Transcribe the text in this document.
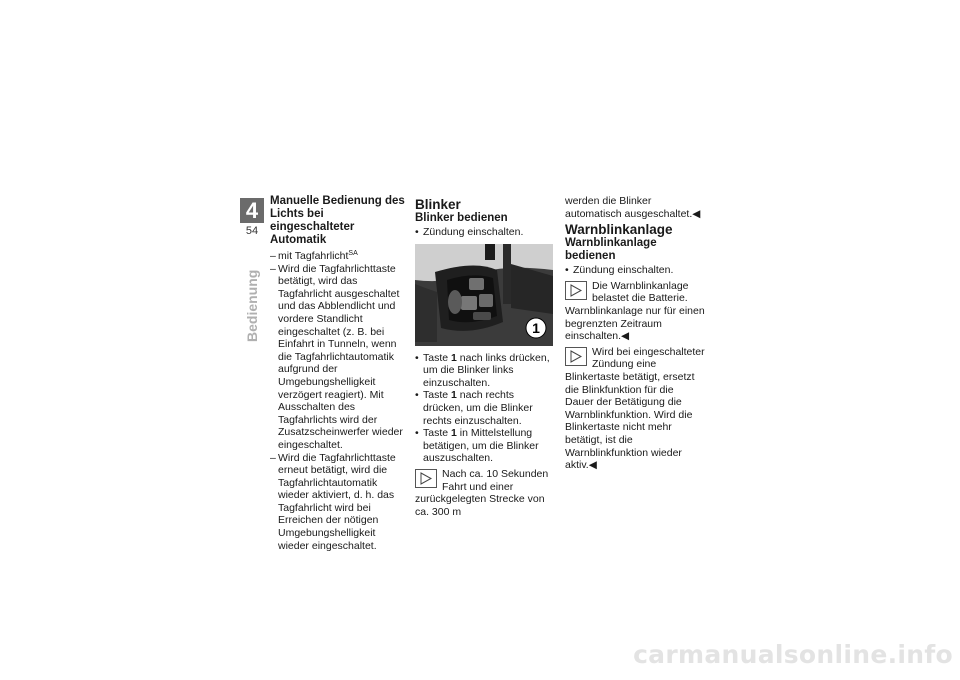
4
54
Bedienung
Manuelle Bedienung des Lichts bei eingeschalteter Automatik
– mit Tagfahrlicht$^{SA}$
– Wird die Tagfahrlichttaste betätigt, wird das Tagfahrlicht ausgeschaltet und das Abblendlicht und vordere Standlicht eingeschaltet (z. B. bei Einfahrt in Tunneln, wenn die Tagfahrlichtautomatik aufgrund der Umgebungshelligkeit verzögert reagiert). Mit Ausschalten des Tagfahrlichts wird der Zusatzscheinwerfer wieder eingeschaltet.
– Wird die Tagfahrlichttaste erneut betätigt, wird die Tagfahrlichtautomatik wieder aktiviert, d. h. das Tagfahrlicht wird bei Erreichen der nötigen Umgebungshelligkeit wieder eingeschaltet.
Blinker
Blinker bedienen
• Zündung einschalten.
1
• Taste 1 nach links drücken, um die Blinker links einzuschalten.
• Taste 1 nach rechts drücken, um die Blinker rechts einzuschalten.
• Taste 1 in Mittelstellung betätigen, um die Blinker auszuschalten.

Nach ca. 10 Sekunden Fahrt und einer zurückgelegten Strecke von ca. 300 m

werden die Blinker automatisch ausgeschaltet.◀

Warnblinkanlage
Warnblinkanlage bedienen
• Zündung einschalten.

Die Warnblinkanlage belastet die Batterie. Warnblinkanlage nur für einen begrenzten Zeitraum einschalten.◀

Wird bei eingeschalteter Zündung eine Blinkertaste betätigt, ersetzt die Blinkfunktion für die Dauer der Betätigung die Warnblinkfunktion. Wird die Blinkertaste nicht mehr betätigt, ist die Warnblinkfunktion wieder aktiv.◀

carmanualsonline.info
